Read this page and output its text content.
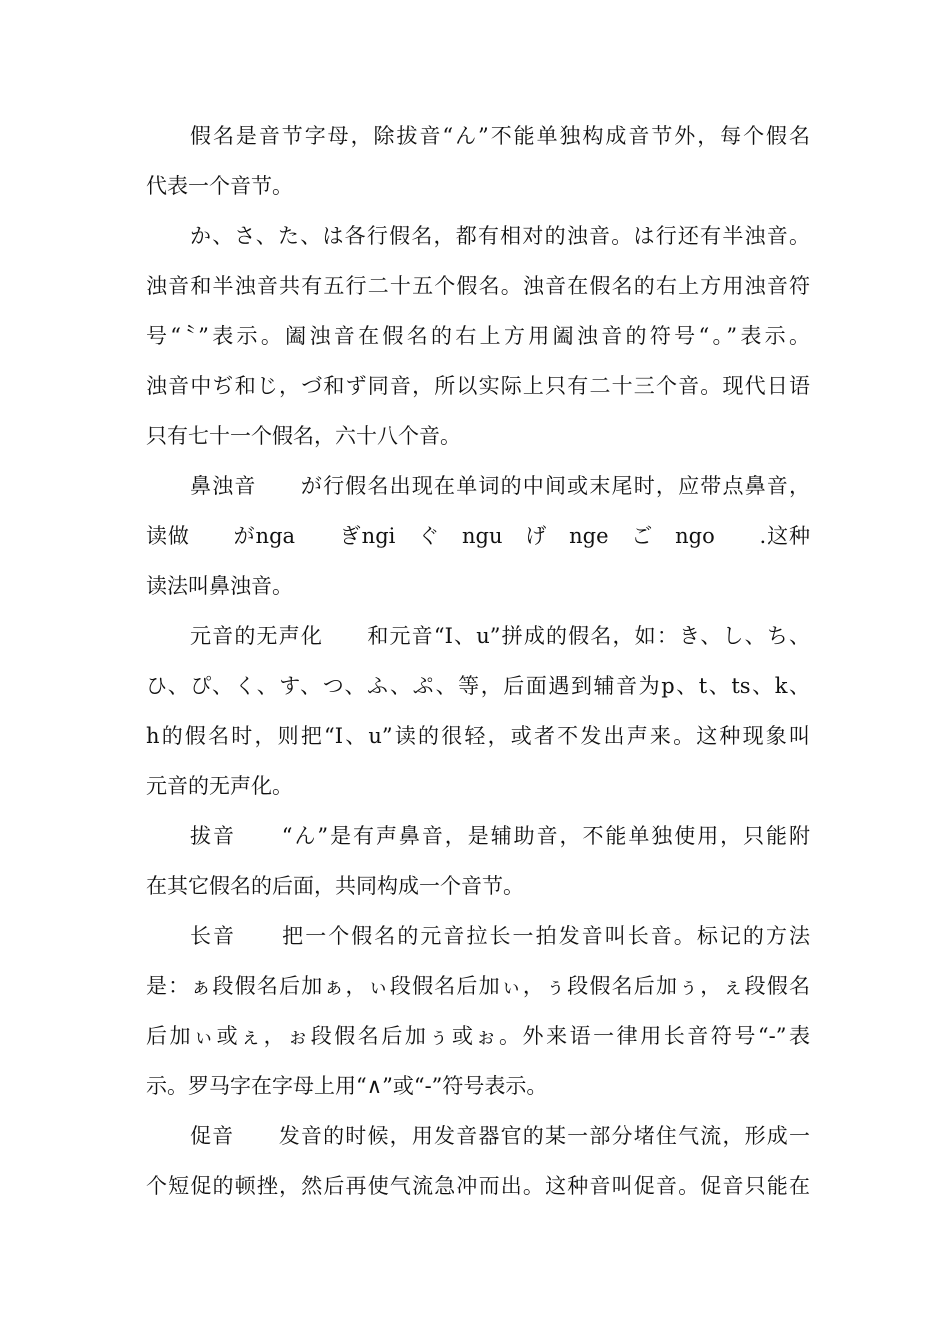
假名是音节字母，除拔音“ん”不能单独构成音节外，每个假名
代表一个音节。
か、さ、た、は各行假名，都有相对的浊音。は行还有半浊音。
浊音和半浊音共有五行二十五个假名。浊音在假名的右上方用浊音符
号“〝”表示。阖浊音在假名的右上方用阖浊音的符号“。”表示。
浊音中ぢ和じ，づ和ず同音，所以实际上只有二十三个音。现代日语
只有七十一个假名，六十八个音。
鼻浊音　　が行假名出现在单词的中间或末尾时，应带点鼻音，
读做　　がnga　　ぎngi　ぐ　ngu　げ　nge　ご　ngo　　.这种
读法叫鼻浊音。
元音的无声化　　和元音“I、u”拼成的假名，如：き、し、ち、
ひ、ぴ、く、す、つ、ふ、ぷ、等，后面遇到辅音为p、t、ts、k、
h的假名时，则把“I、u”读的很轻，或者不发出声来。这种现象叫
元音的无声化。
拔音　　“ん”是有声鼻音，是辅助音，不能单独使用，只能附
在其它假名的后面，共同构成一个音节。
长音　　把一个假名的元音拉长一拍发音叫长音。标记的方法
是：ぁ段假名后加ぁ，ぃ段假名后加ぃ，ぅ段假名后加ぅ，ぇ段假名
后加ぃ或ぇ，ぉ段假名后加ぅ或ぉ。外来语一律用长音符号“-”表
示。罗马字在字母上用“∧”或“-”符号表示。
促音　　发音的时候，用发音器官的某一部分堵住气流，形成一
个短促的顿挫，然后再使气流急冲而出。这种音叫促音。促音只能在
